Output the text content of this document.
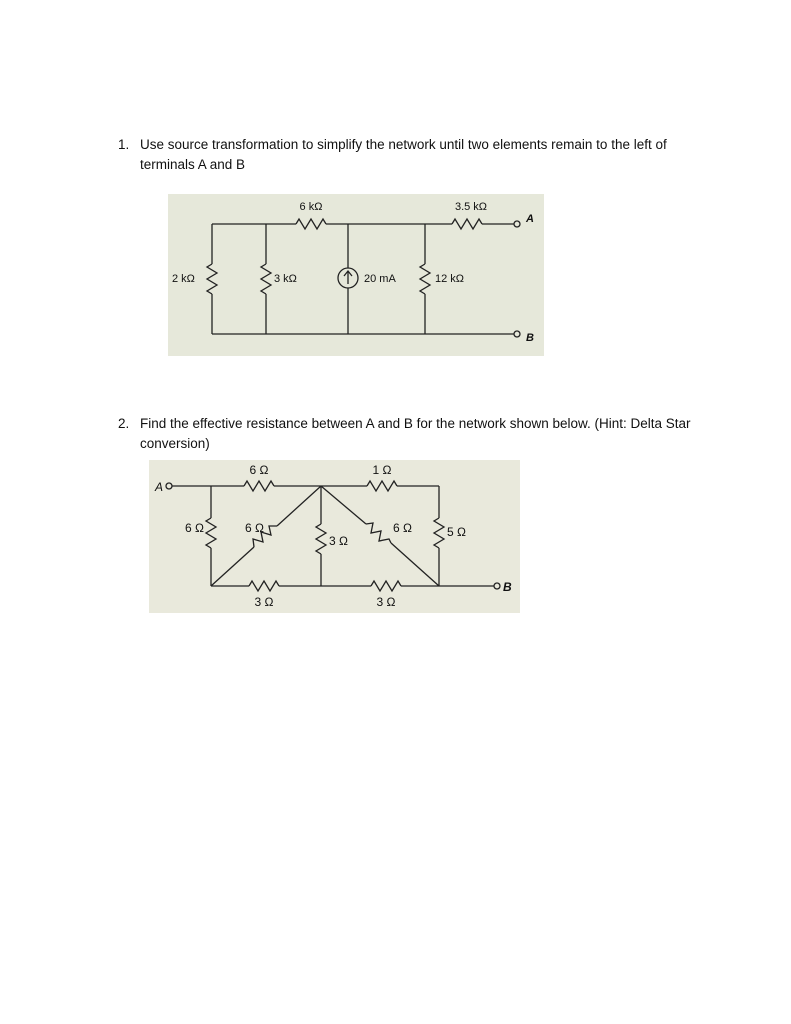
1. Use source transformation to simplify the network until two elements remain to the left of terminals A and B
6 kΩ	3.5 kΩ
A
B
2 kΩ	3 kΩ	20 mA	12 kΩ
2. Find the effective resistance between A and B for the network shown below. (Hint: Delta Star conversion)
A
B
6 Ω	1 Ω
6 Ω	6 Ω
3 Ω
6 Ω	5 Ω
3 Ω	3 Ω
